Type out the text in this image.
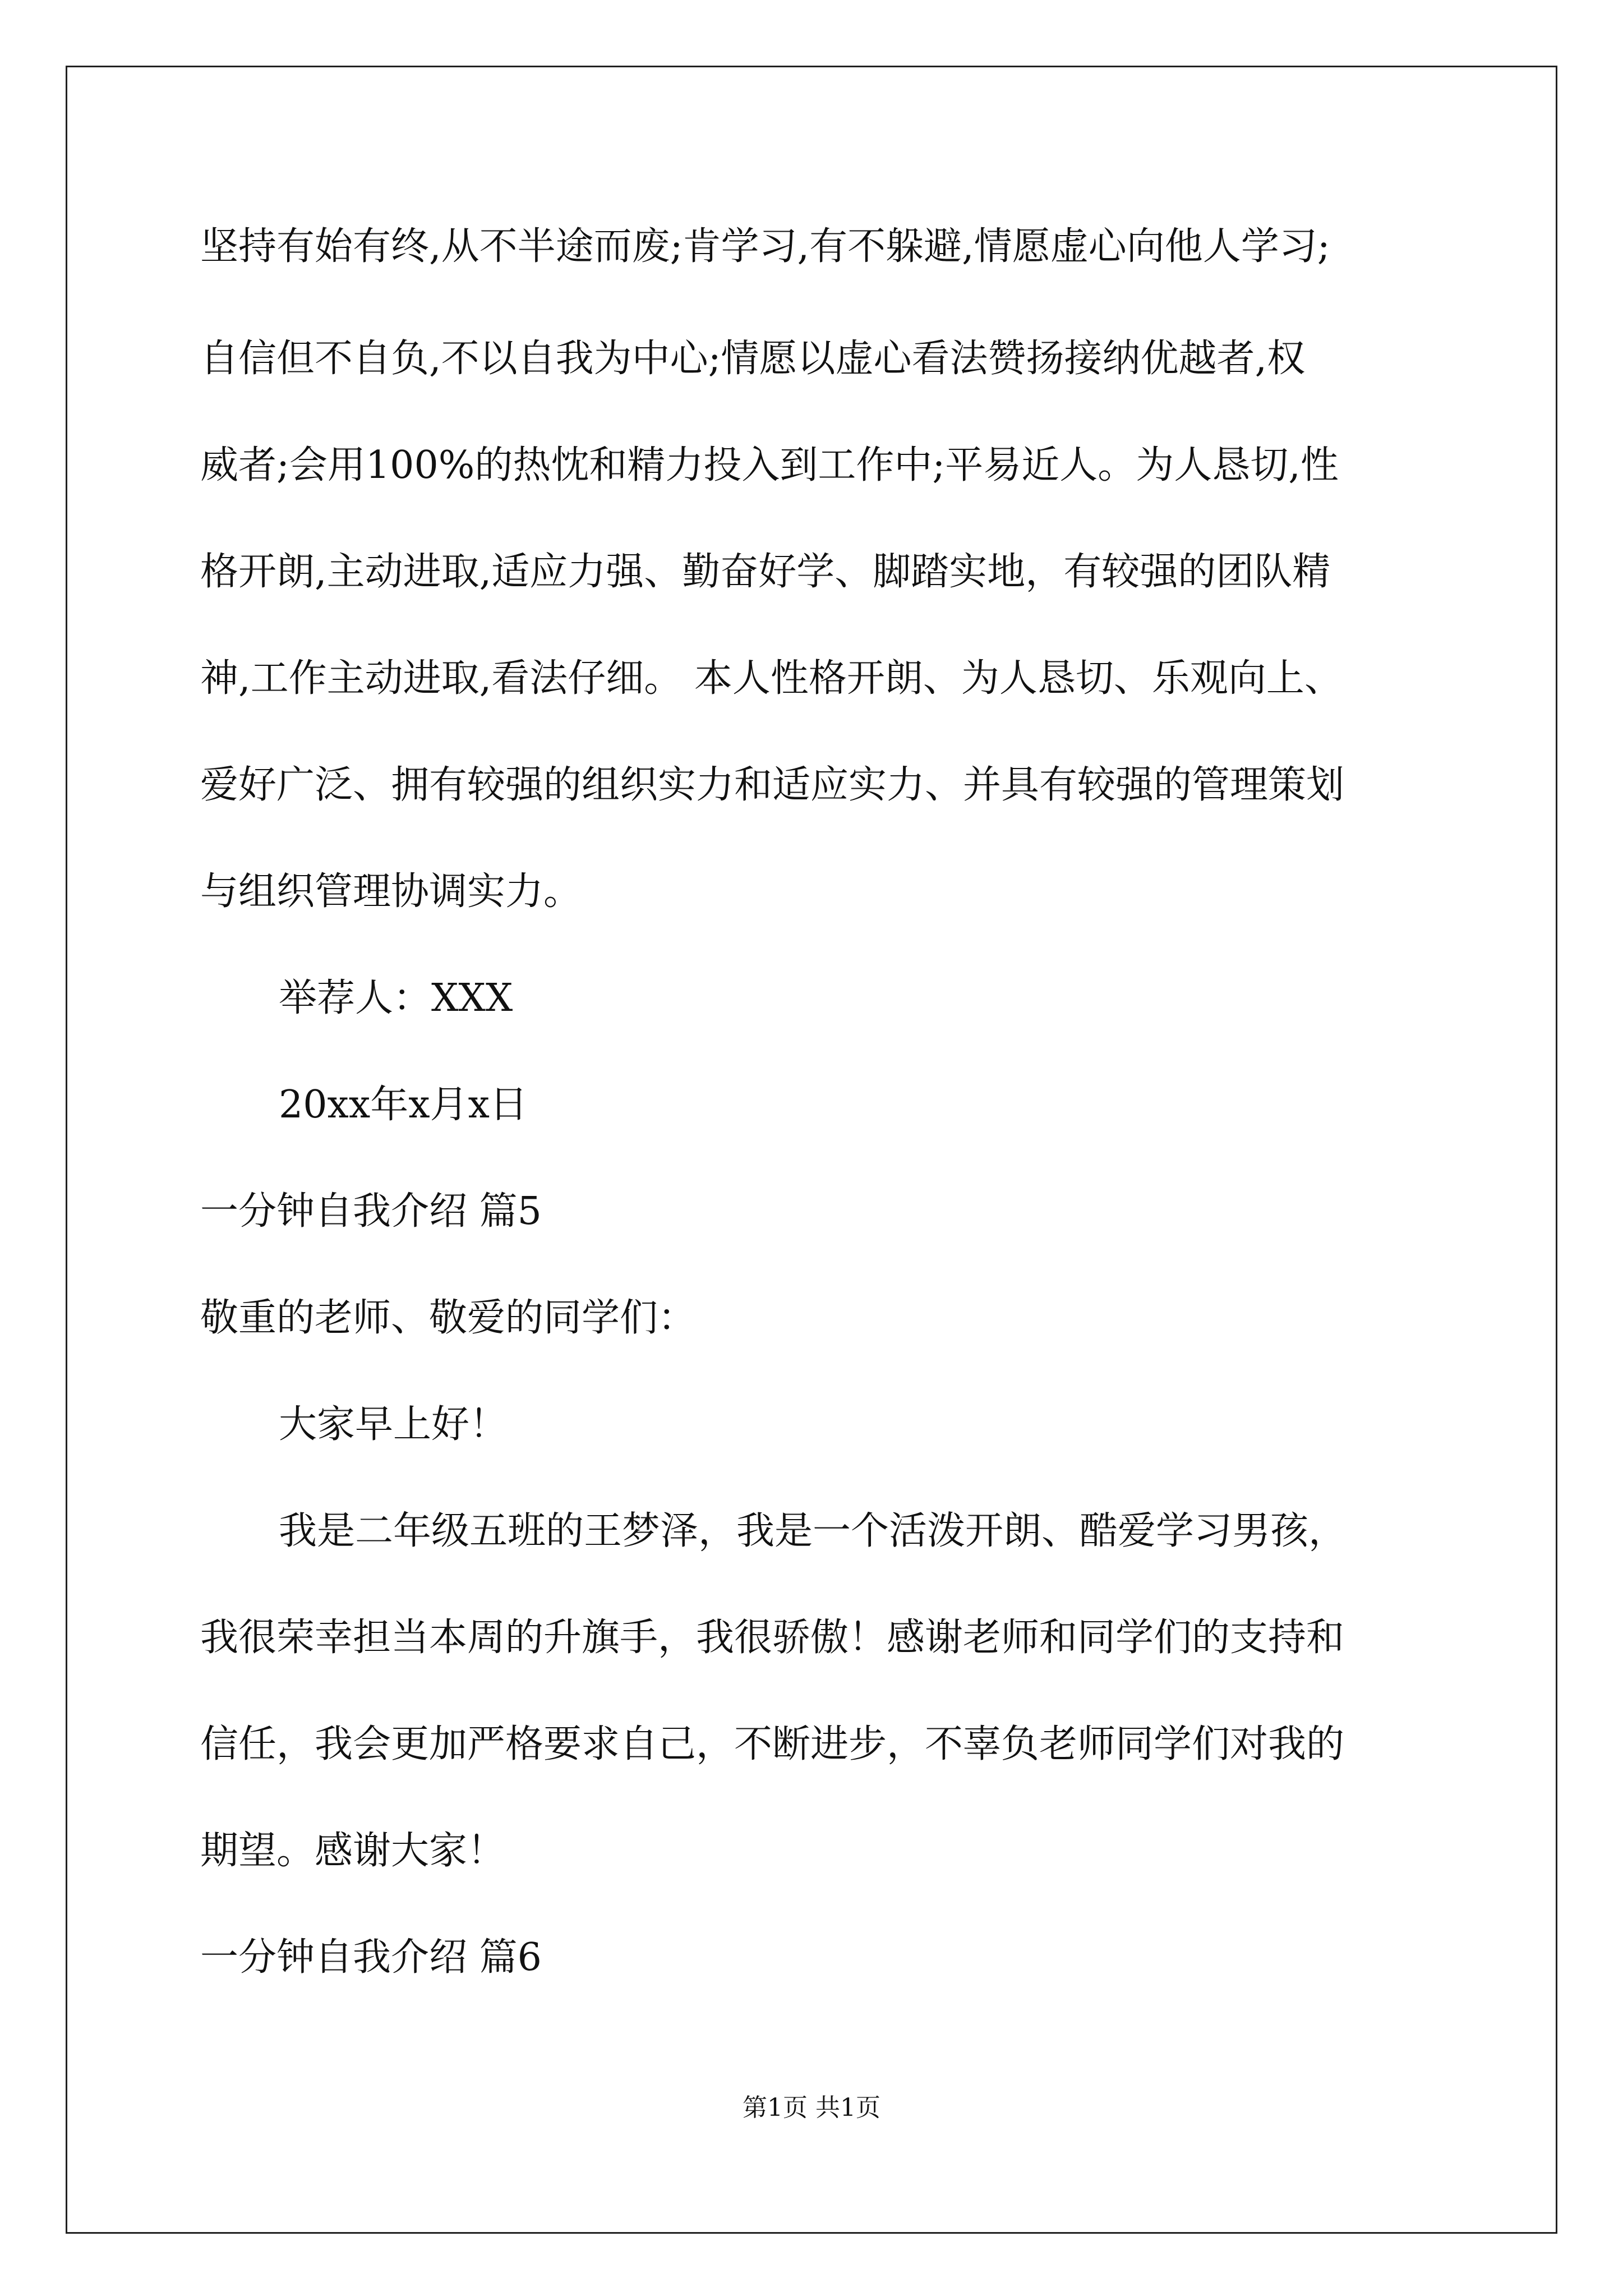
坚持有始有终,从不半途而废;肯学习,有不躲避,情愿虚心向他人学习;
自信但不自负,不以自我为中心;情愿以虚心看法赞扬接纳优越者,权
威者;会用100%的热忱和精力投入到工作中;平易近人。为人恳切,性
格开朗,主动进取,适应力强、勤奋好学、脚踏实地，有较强的团队精
神,工作主动进取,看法仔细。 本人性格开朗、为人恳切、乐观向上、
爱好广泛、拥有较强的组织实力和适应实力、并具有较强的管理策划
与组织管理协调实力。
举荐人：XXX
20xx年x月x日
一分钟自我介绍 篇5
敬重的老师、敬爱的同学们：
大家早上好！
我是二年级五班的王梦泽，我是一个活泼开朗、酷爱学习男孩，
我很荣幸担当本周的升旗手，我很骄傲！感谢老师和同学们的支持和
信任，我会更加严格要求自己，不断进步，不辜负老师同学们对我的
期望。感谢大家！
一分钟自我介绍 篇6
第1页 共1页
